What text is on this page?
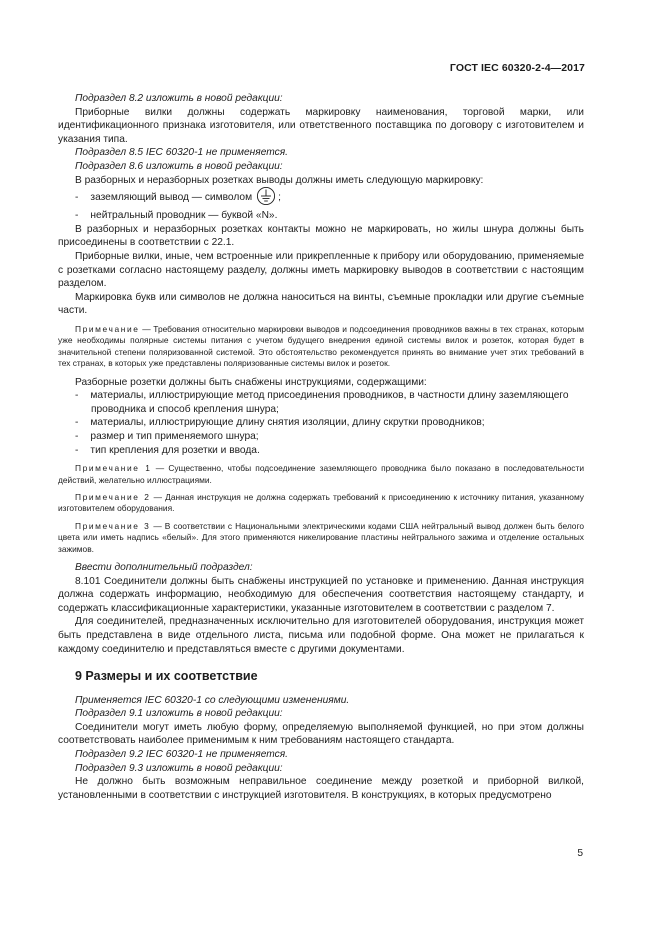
ГОСТ IEC 60320-2-4—2017

Подраздел 8.2 изложить в новой редакции:

Приборные вилки должны содержать маркировку наименования, торговой марки, или идентификационного признака изготовителя, или ответственного поставщика по договору с изготовителем и указания типа.

Подраздел 8.5 IEC 60320-1 не применяется.

Подраздел 8.6 изложить в новой редакции:

В разборных и неразборных розетках выводы должны иметь следующую маркировку:

- заземляющий вывод — символом	;
- нейтральный проводник — буквой «N».

В разборных и неразборных розетках контакты можно не маркировать, но жилы шнура должны быть присоединены в соответствии с 22.1.

Приборные вилки, иные, чем встроенные или прикрепленные к прибору или оборудованию, применяемые с розетками согласно настоящему разделу, должны иметь маркировку выводов в соответствии с настоящим разделом.

Маркировка букв или символов не должна наноситься на винты, съемные прокладки или другие съемные части.

Примечание — Требования относительно маркировки выводов и подсоединения проводников важны в тех странах, которым уже необходимы полярные системы питания с учетом будущего внедрения единой системы вилок и розеток, которая будет в значительной степени поляризованной системой. Это обстоятельство рекомендуется принять во внимание учет этих требований в тех странах, в которых уже представлены поляризованные системы вилок и розеток.

Разборные розетки должны быть снабжены инструкциями, содержащими:

- материалы, иллюстрирующие метод присоединения проводников, в частности длину заземляющего проводника и способ крепления шнура;
- материалы, иллюстрирующие длину снятия изоляции, длину скрутки проводников;
- размер и тип применяемого шнура;
- тип крепления для розетки и ввода.

Примечание 1 — Существенно, чтобы подсоединение заземляющего проводника было показано в последовательности действий, желательно иллюстрациями.

Примечание 2 — Данная инструкция не должна содержать требований к присоединению к источнику питания, указанному изготовителем оборудования.

Примечание 3 — В соответствии с Национальными электрическими кодами США нейтральный вывод должен быть белого цвета или иметь надпись «белый». Для этого применяются никелирование пластины нейтрального зажима и отделение остальных зажимов.

Ввести дополнительный подраздел:

8.101 Соединители должны быть снабжены инструкцией по установке и применению. Данная инструкция должна содержать информацию, необходимую для обеспечения соответствия настоящему стандарту, и содержать классификационные характеристики, указанные изготовителем в соответствии с разделом 7.

Для соединителей, предназначенных исключительно для изготовителей оборудования, инструкция может быть представлена в виде отдельного листа, письма или подобной форме. Она может не прилагаться к каждому соединителю и представляться вместе с другими документами.

9 Размеры и их соответствие

Применяется IEC 60320-1 со следующими изменениями.

Подраздел 9.1 изложить в новой редакции:

Соединители могут иметь любую форму, определяемую выполняемой функцией, но при этом должны соответствовать наиболее применимым к ним требованиям настоящего стандарта.

Подраздел 9.2 IEC 60320-1 не применяется.

Подраздел 9.3 изложить в новой редакции:

Не должно быть возможным неправильное соединение между розеткой и приборной вилкой, установленными в соответствии с инструкцией изготовителя. В конструкциях, в которых предусмотрено

5
